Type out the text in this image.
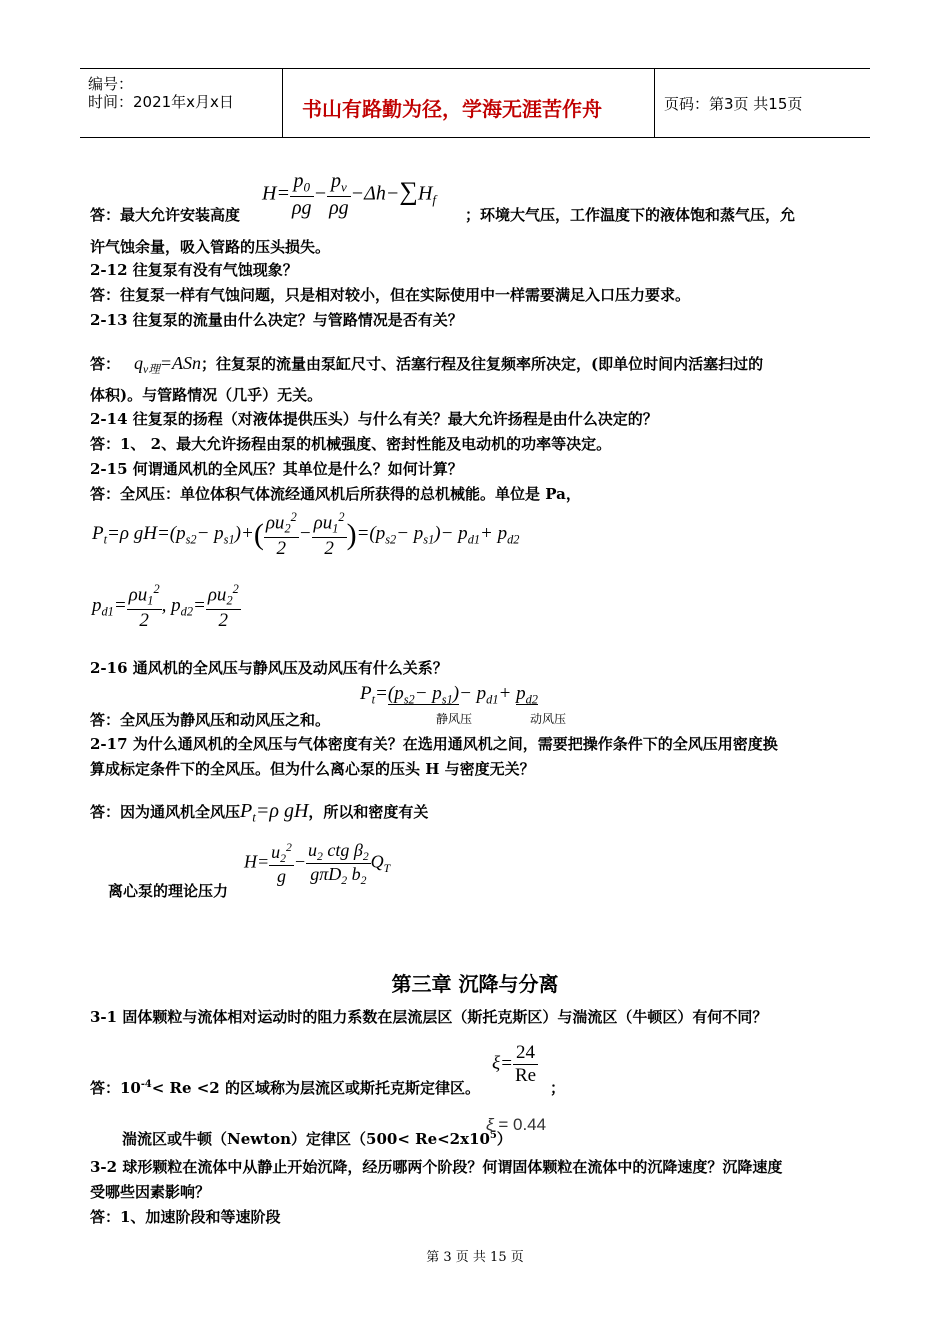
编号：
时间：2021年x月x日	书山有路勤为径，学海无涯苦作舟	页码：第3页 共15页
$H= \frac{p_0}{\rho g} - \frac{p_v}{\rho g} -\Delta h-\sum H_f$
答：最大允许安装高度	；环境大气压，工作温度下的液体饱和蒸气压，允
许气蚀余量，吸入管路的压头损失。
2-12 往复泵有没有气蚀现象？
答：往复泵一样有气蚀问题，只是相对较小，但在实际使用中一样需要满足入口压力要求。
2-13 往复泵的流量由什么决定？与管路情况是否有关？
答： $q_{v理}=ASn$；往复泵的流量由泵缸尺寸、活塞行程及往复频率所决定，(即单位时间内活塞扫过的
体积)。与管路情况（几乎）无关。
2-14 往复泵的扬程（对液体提供压头）与什么有关？最大允许扬程是由什么决定的？
答：1、 2、最大允许扬程由泵的机械强度、密封性能及电动机的功率等决定。
2-15 何谓通风机的全风压？其单位是什么？如何计算？
答：全风压：单位体积气体流经通风机后所获得的总机械能。单位是 Pa，
$P_t=\rho$ $gH=(p_{s2}- p_{s1})+( \frac{\rho u_2^2}{2} - \frac{\rho u_1^2}{2} )=(p_{s2}- p_{s1})- p_{d1}+ p_{d2}$
$p_{d1}= \frac{\rho u_1^2}{2}$ , $p_{d2}= \frac{\rho u_2^2}{2}$
2-16 通风机的全风压与静风压及动风压有什么关系？
$P_t=(p_{s2}- p_{s1})- p_{d1}+ p_{d2}$
静风压	动风压
答：全风压为静风压和动风压之和。
2-17 为什么通风机的全风压与气体密度有关？在选用通风机之间，需要把操作条件下的全风压用密度换
算成标定条件下的全风压。但为什么离心泵的压头 H 与密度无关？
答：因为通风机全风压$P_t=\rho$ gH，所以和密度有关
$H= \frac{u_2^2}{g} - \frac{u_2 ctg \beta_2}{g\pi D_2 b_2} Q_T$
离心泵的理论压力
第三章 沉降与分离
3-1 固体颗粒与流体相对运动时的阻力系数在层流层区（斯托克斯区）与湍流区（牛顿区）有何不同？
$\xi= \frac{24}{Re}$
答：$10^{-4}< Re <2$ 的区域称为层流区或斯托克斯定律区。	；
湍流区或牛顿（Newton）定律区$(500< Re<2x10^5)$
ξ = 0.44
3-2 球形颗粒在流体中从静止开始沉降，经历哪两个阶段？何谓固体颗粒在流体中的沉降速度？沉降速度
受哪些因素影响？
答：1、加速阶段和等速阶段
第 3 页 共 15 页
